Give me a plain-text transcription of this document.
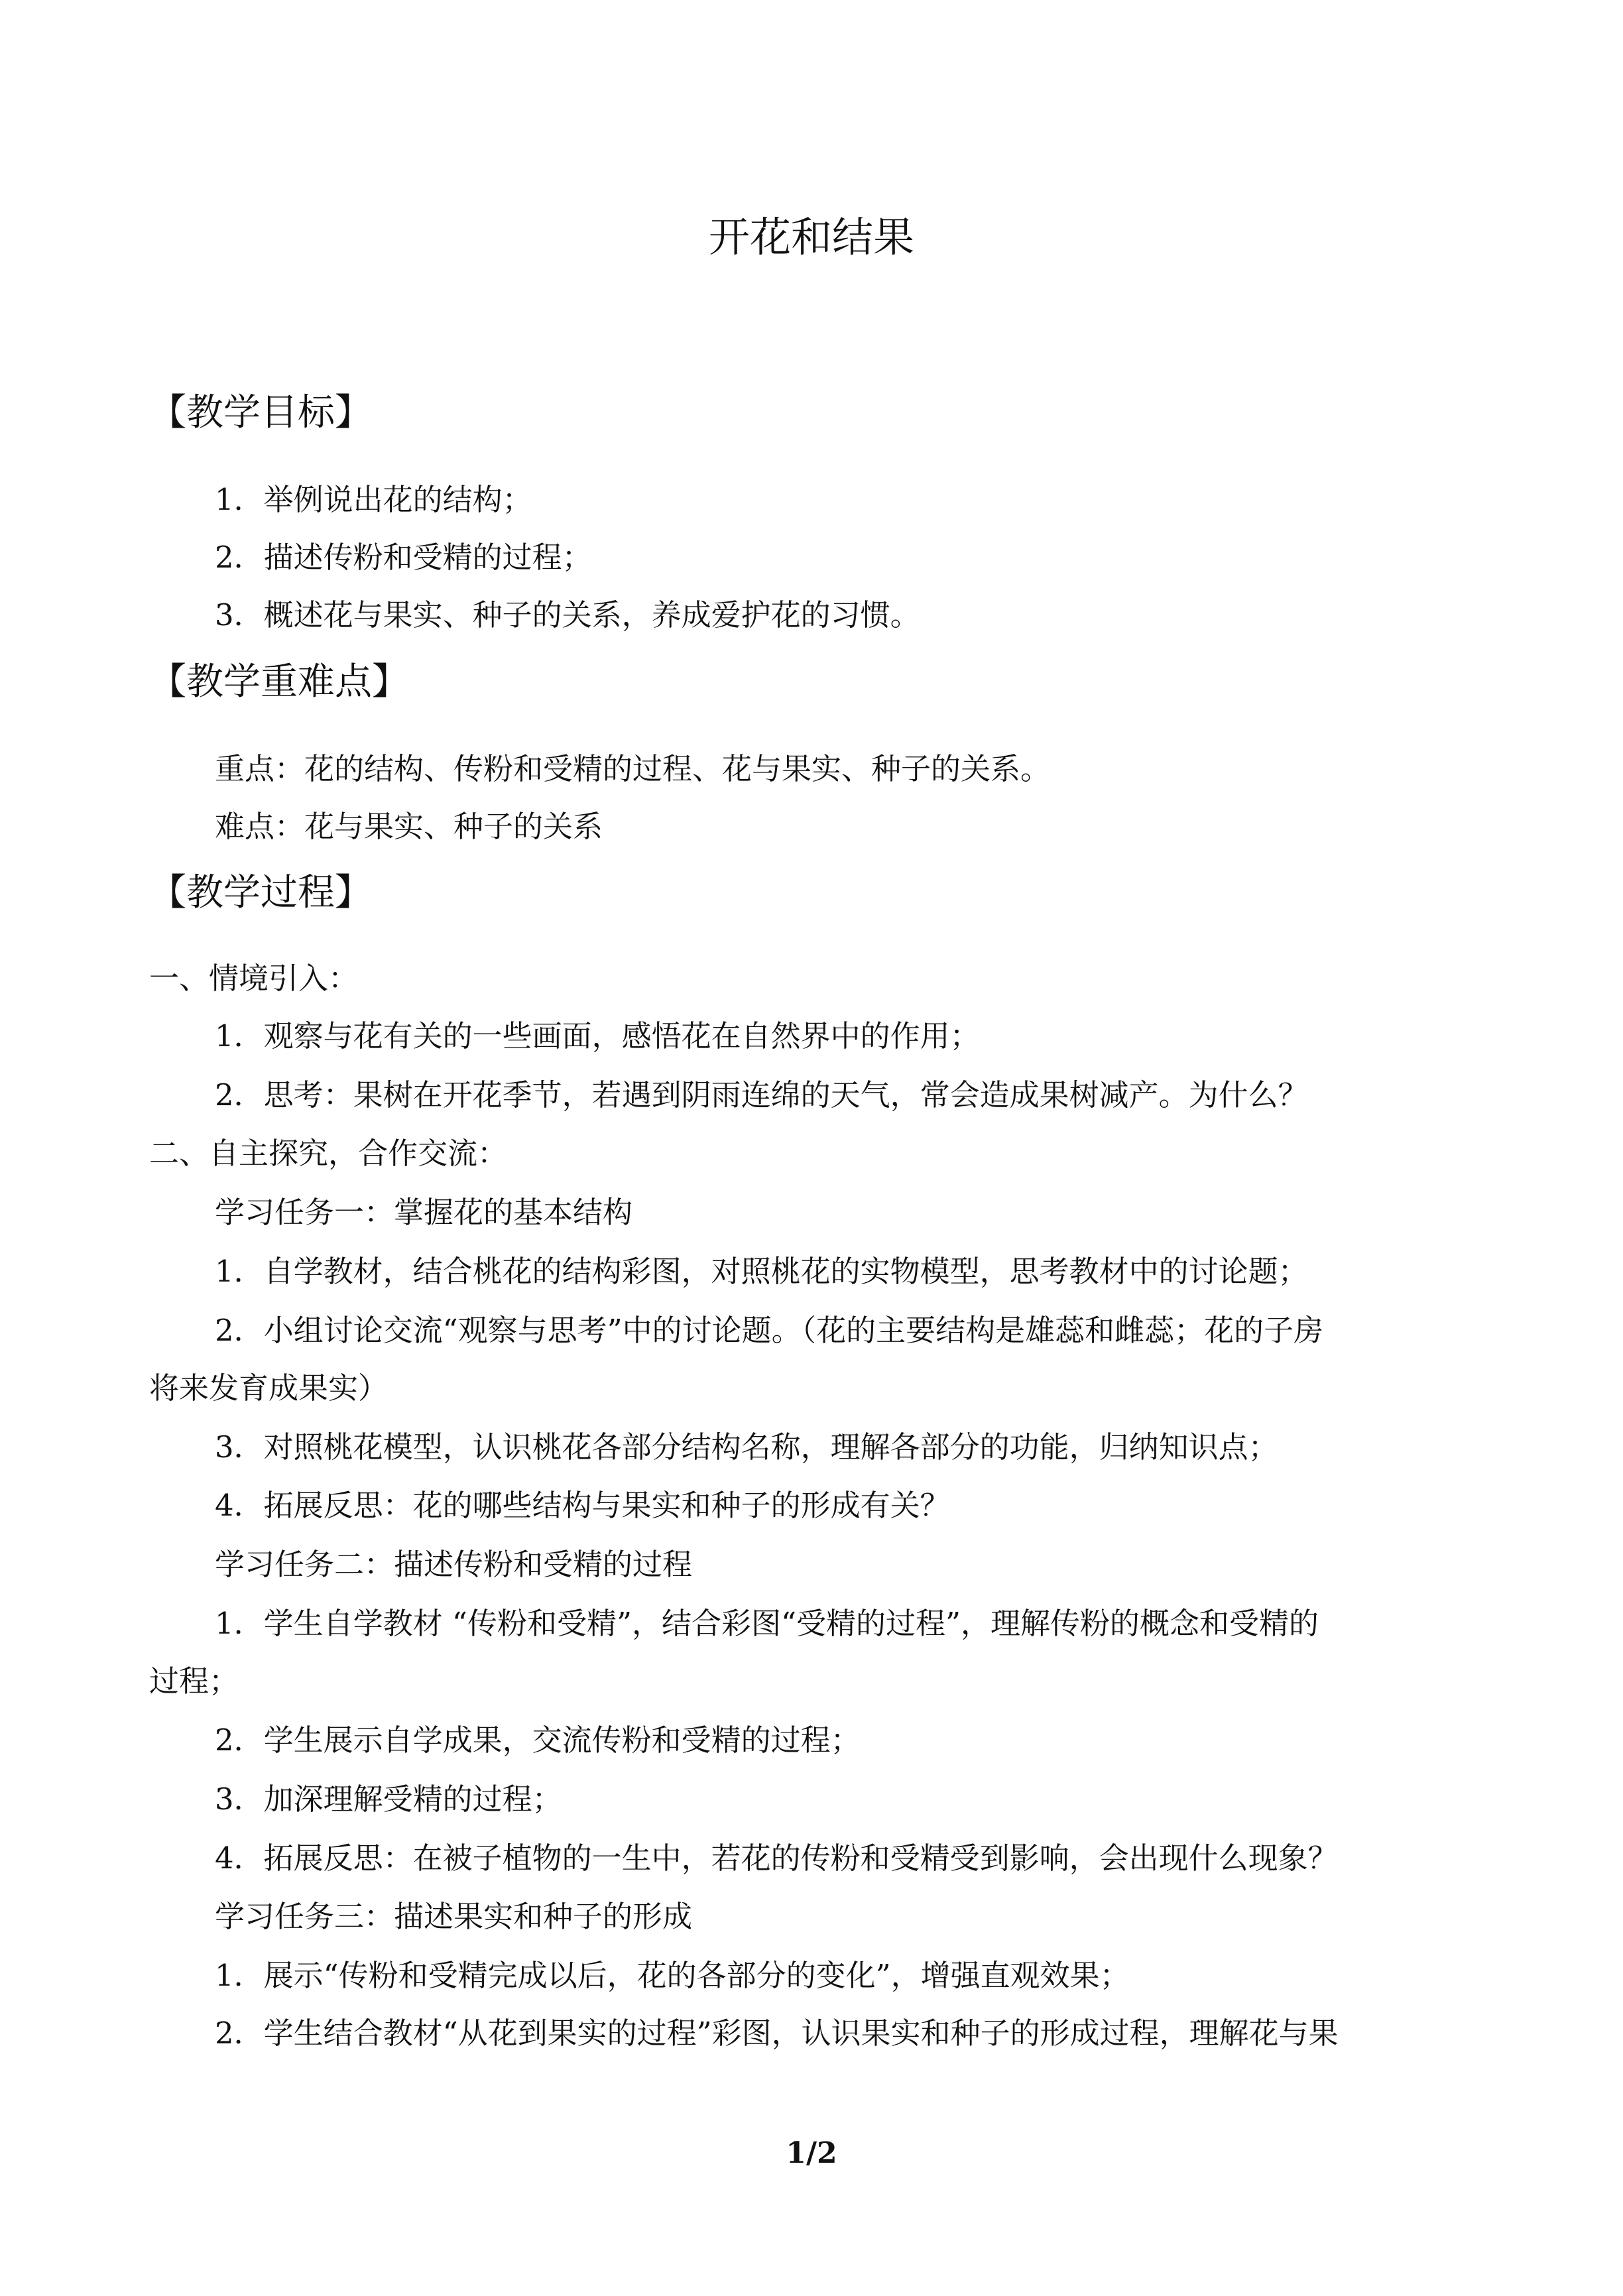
开花和结果
【教学目标】
1．举例说出花的结构；
2．描述传粉和受精的过程；
3．概述花与果实、种子的关系，养成爱护花的习惯。
【教学重难点】
重点：花的结构、传粉和受精的过程、花与果实、种子的关系。
难点：花与果实、种子的关系
【教学过程】
一、情境引入：
1．观察与花有关的一些画面，感悟花在自然界中的作用；
2．思考：果树在开花季节，若遇到阴雨连绵的天气，常会造成果树减产。为什么？
二、自主探究，合作交流：
学习任务一：掌握花的基本结构
1．自学教材，结合桃花的结构彩图，对照桃花的实物模型，思考教材中的讨论题；
2．小组讨论交流“观察与思考”中的讨论题。（花的主要结构是雄蕊和雌蕊；花的子房
将来发育成果实）
3．对照桃花模型，认识桃花各部分结构名称，理解各部分的功能，归纳知识点；
4．拓展反思：花的哪些结构与果实和种子的形成有关？
学习任务二：描述传粉和受精的过程
1．学生自学教材 “传粉和受精”，结合彩图“受精的过程”，理解传粉的概念和受精的
过程；
2．学生展示自学成果，交流传粉和受精的过程；
3．加深理解受精的过程；
4．拓展反思：在被子植物的一生中，若花的传粉和受精受到影响，会出现什么现象？
学习任务三：描述果实和种子的形成
1．展示“传粉和受精完成以后，花的各部分的变化”，增强直观效果；
2．学生结合教材“从花到果实的过程”彩图，认识果实和种子的形成过程，理解花与果
1/2
